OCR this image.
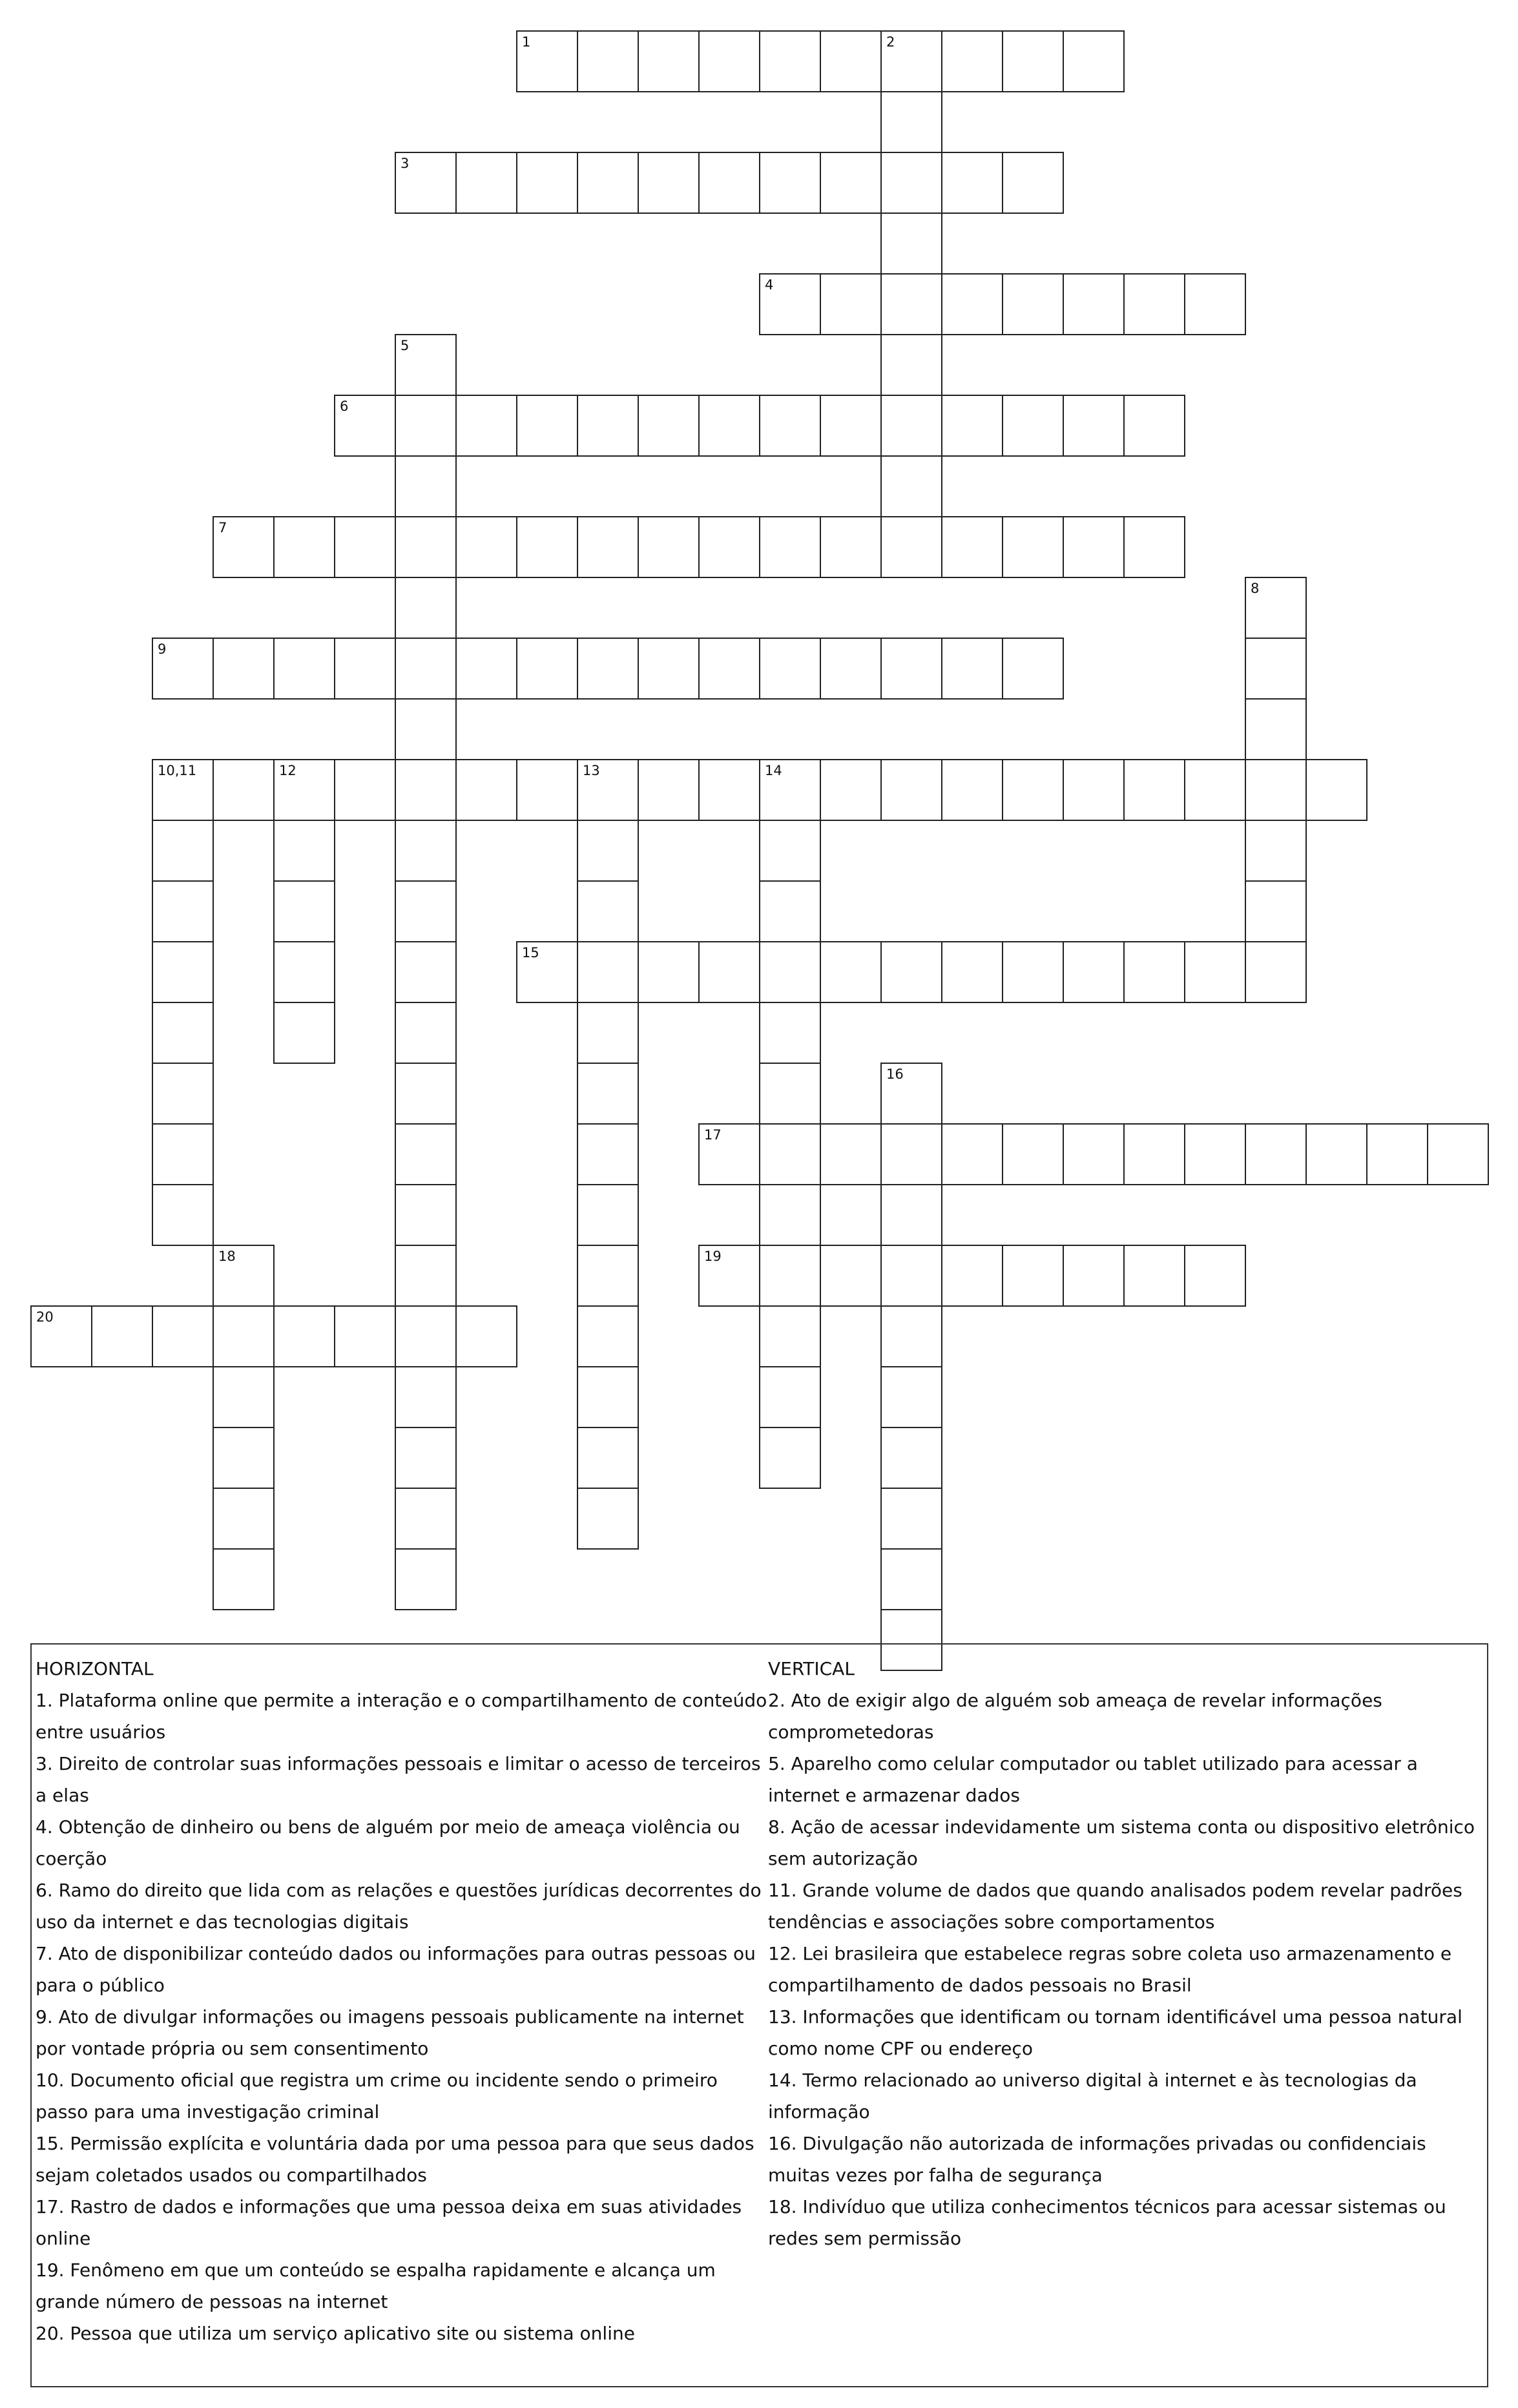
1	2
3
4
5
6
7
8
9
10,11	12	13	14
15
16
17
18	19
20
HORIZONTAL
1. Plataforma online que permite a interação e o compartilhamento de conteúdo entre usuários
3. Direito de controlar suas informações pessoais e limitar o acesso de terceiros a elas
4. Obtenção de dinheiro ou bens de alguém por meio de ameaça violência ou coerção
6. Ramo do direito que lida com as relações e questões jurídicas decorrentes do uso da internet e das tecnologias digitais
7. Ato de disponibilizar conteúdo dados ou informações para outras pessoas ou para o público
9. Ato de divulgar informações ou imagens pessoais publicamente na internet por vontade própria ou sem consentimento
10. Documento oficial que registra um crime ou incidente sendo o primeiro passo para uma investigação criminal
15. Permissão explícita e voluntária dada por uma pessoa para que seus dados sejam coletados usados ou compartilhados
17. Rastro de dados e informações que uma pessoa deixa em suas atividades online
19. Fenômeno em que um conteúdo se espalha rapidamente e alcança um grande número de pessoas na internet
20. Pessoa que utiliza um serviço aplicativo site ou sistema online
VERTICAL
2. Ato de exigir algo de alguém sob ameaça de revelar informações comprometedoras
5. Aparelho como celular computador ou tablet utilizado para acessar a internet e armazenar dados
8. Ação de acessar indevidamente um sistema conta ou dispositivo eletrônico sem autorização
11. Grande volume de dados que quando analisados podem revelar padrões tendências e associações sobre comportamentos
12. Lei brasileira que estabelece regras sobre coleta uso armazenamento e compartilhamento de dados pessoais no Brasil
13. Informações que identificam ou tornam identificável uma pessoa natural como nome CPF ou endereço
14. Termo relacionado ao universo digital à internet e às tecnologias da informação
16. Divulgação não autorizada de informações privadas ou confidenciais muitas vezes por falha de segurança
18. Indivíduo que utiliza conhecimentos técnicos para acessar sistemas ou redes sem permissão
